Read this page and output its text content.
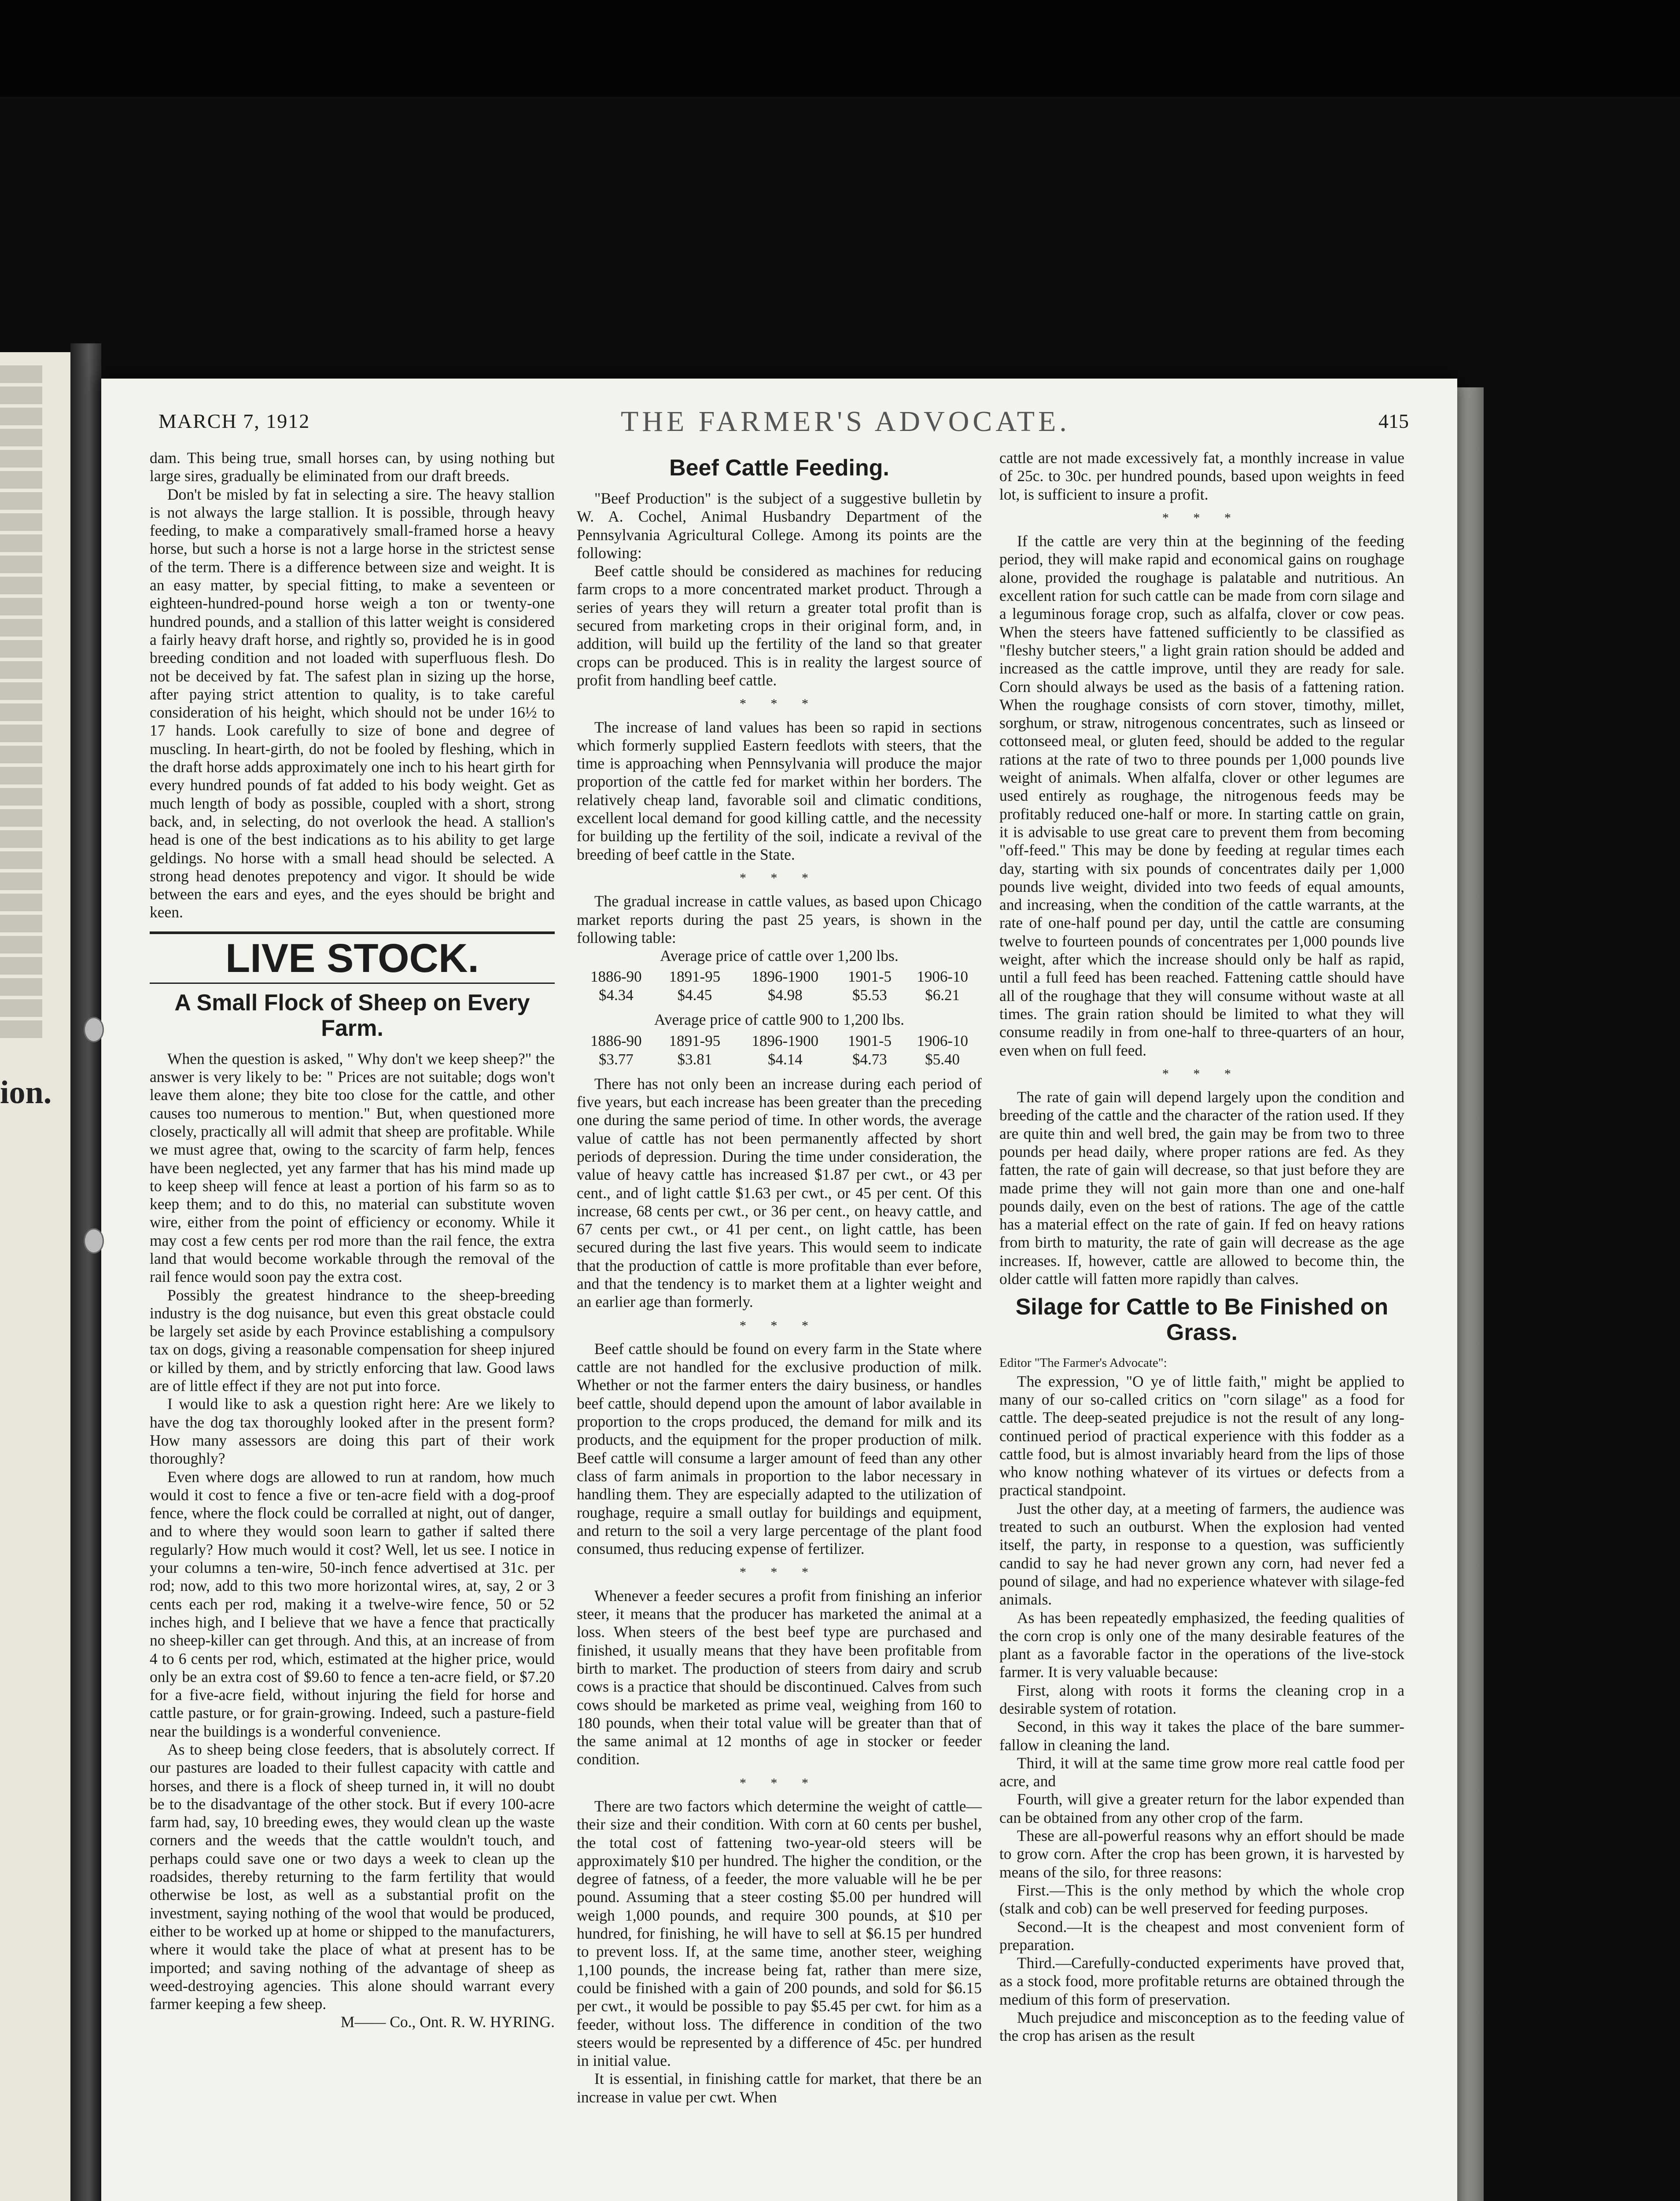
ion.
MARCH 7, 1912	THE FARMER'S ADVOCATE.	415

dam. This being true, small horses can, by using nothing but large sires, gradually be eliminated from our draft breeds.

Don't be misled by fat in selecting a sire. The heavy stallion is not always the large stallion. It is possible, through heavy feeding, to make a comparatively small-framed horse a heavy horse, but such a horse is not a large horse in the strictest sense of the term. There is a difference between size and weight. It is an easy matter, by special fitting, to make a seventeen or eighteen-hundred-pound horse weigh a ton or twenty-one hundred pounds, and a stallion of this latter weight is considered a fairly heavy draft horse, and rightly so, provided he is in good breeding condition and not loaded with superfluous flesh. Do not be deceived by fat. The safest plan in sizing up the horse, after paying strict attention to quality, is to take careful consideration of his height, which should not be under 16½ to 17 hands. Look carefully to size of bone and degree of muscling. In heart-girth, do not be fooled by fleshing, which in the draft horse adds approximately one inch to his heart girth for every hundred pounds of fat added to his body weight. Get as much length of body as possible, coupled with a short, strong back, and, in selecting, do not overlook the head. A stallion's head is one of the best indications as to his ability to get large geldings. No horse with a small head should be selected. A strong head denotes prepotency and vigor. It should be wide between the ears and eyes, and the eyes should be bright and keen.

LIVE STOCK.
A Small Flock of Sheep on Every Farm.

When the question is asked, " Why don't we keep sheep?" the answer is very likely to be: " Prices are not suitable; dogs won't leave them alone; they bite too close for the cattle, and other causes too numerous to mention." But, when questioned more closely, practically all will admit that sheep are profitable. While we must agree that, owing to the scarcity of farm help, fences have been neglected, yet any farmer that has his mind made up to keep sheep will fence at least a portion of his farm so as to keep them; and to do this, no material can substitute woven wire, either from the point of efficiency or economy. While it may cost a few cents per rod more than the rail fence, the extra land that would become workable through the removal of the rail fence would soon pay the extra cost.

Possibly the greatest hindrance to the sheep-breeding industry is the dog nuisance, but even this great obstacle could be largely set aside by each Province establishing a compulsory tax on dogs, giving a reasonable compensation for sheep injured or killed by them, and by strictly enforcing that law. Good laws are of little effect if they are not put into force.

I would like to ask a question right here: Are we likely to have the dog tax thoroughly looked after in the present form? How many assessors are doing this part of their work thoroughly?

Even where dogs are allowed to run at random, how much would it cost to fence a five or ten-acre field with a dog-proof fence, where the flock could be corralled at night, out of danger, and to where they would soon learn to gather if salted there regularly? How much would it cost? Well, let us see. I notice in your columns a ten-wire, 50-inch fence advertised at 31c. per rod; now, add to this two more horizontal wires, at, say, 2 or 3 cents each per rod, making it a twelve-wire fence, 50 or 52 inches high, and I believe that we have a fence that practically no sheep-killer can get through. And this, at an increase of from 4 to 6 cents per rod, which, estimated at the higher price, would only be an extra cost of $9.60 to fence a ten-acre field, or $7.20 for a five-acre field, without injuring the field for horse and cattle pasture, or for grain-growing. Indeed, such a pasture-field near the buildings is a wonderful convenience.

As to sheep being close feeders, that is absolutely correct. If our pastures are loaded to their fullest capacity with cattle and horses, and there is a flock of sheep turned in, it will no doubt be to the disadvantage of the other stock. But if every 100-acre farm had, say, 10 breeding ewes, they would clean up the waste corners and the weeds that the cattle wouldn't touch, and perhaps could save one or two days a week to clean up the roadsides, thereby returning to the farm fertility that would otherwise be lost, as well as a substantial profit on the investment, saying nothing of the wool that would be produced, either to be worked up at home or shipped to the manufacturers, where it would take the place of what at present has to be imported; and saving nothing of the advantage of sheep as weed-destroying agencies. This alone should warrant every farmer keeping a few sheep.

M—— Co., Ont. R. W. HYRING.

Beef Cattle Feeding.

"Beef Production" is the subject of a suggestive bulletin by W. A. Cochel, Animal Husbandry Department of the Pennsylvania Agricultural College. Among its points are the following:

Beef cattle should be considered as machines for reducing farm crops to a more concentrated market product. Through a series of years they will return a greater total profit than is secured from marketing crops in their original form, and, in addition, will build up the fertility of the land so that greater crops can be produced. This is in reality the largest source of profit from handling beef cattle.

* * *

The increase of land values has been so rapid in sections which formerly supplied Eastern feedlots with steers, that the time is approaching when Pennsylvania will produce the major proportion of the cattle fed for market within her borders. The relatively cheap land, favorable soil and climatic conditions, excellent local demand for good killing cattle, and the necessity for building up the fertility of the soil, indicate a revival of the breeding of beef cattle in the State.

* * *

The gradual increase in cattle values, as based upon Chicago market reports during the past 25 years, is shown in the following table:

Average price of cattle over 1,200 lbs.

1886-90	1891-95	1896-1900	1901-5	1906-10
$4.34	$4.45	$4.98	$5.53	$6.21

Average price of cattle 900 to 1,200 lbs.

1886-90	1891-95	1896-1900	1901-5	1906-10
$3.77	$3.81	$4.14	$4.73	$5.40

There has not only been an increase during each period of five years, but each increase has been greater than the preceding one during the same period of time. In other words, the average value of cattle has not been permanently affected by short periods of depression. During the time under consideration, the value of heavy cattle has increased $1.87 per cwt., or 43 per cent., and of light cattle $1.63 per cwt., or 45 per cent. Of this increase, 68 cents per cwt., or 36 per cent., on heavy cattle, and 67 cents per cwt., or 41 per cent., on light cattle, has been secured during the last five years. This would seem to indicate that the production of cattle is more profitable than ever before, and that the tendency is to market them at a lighter weight and an earlier age than formerly.

* * *

Beef cattle should be found on every farm in the State where cattle are not handled for the exclusive production of milk. Whether or not the farmer enters the dairy business, or handles beef cattle, should depend upon the amount of labor available in proportion to the crops produced, the demand for milk and its products, and the equipment for the proper production of milk. Beef cattle will consume a larger amount of feed than any other class of farm animals in proportion to the labor necessary in handling them. They are especially adapted to the utilization of roughage, require a small outlay for buildings and equipment, and return to the soil a very large percentage of the plant food consumed, thus reducing expense of fertilizer.

* * *

Whenever a feeder secures a profit from finishing an inferior steer, it means that the producer has marketed the animal at a loss. When steers of the best beef type are purchased and finished, it usually means that they have been profitable from birth to market. The production of steers from dairy and scrub cows is a practice that should be discontinued. Calves from such cows should be marketed as prime veal, weighing from 160 to 180 pounds, when their total value will be greater than that of the same animal at 12 months of age in stocker or feeder condition.

* * *

There are two factors which determine the weight of cattle—their size and their condition. With corn at 60 cents per bushel, the total cost of fattening two-year-old steers will be approximately $10 per hundred. The higher the condition, or the degree of fatness, of a feeder, the more valuable will he be per pound. Assuming that a steer costing $5.00 per hundred will weigh 1,000 pounds, and require 300 pounds, at $10 per hundred, for finishing, he will have to sell at $6.15 per hundred to prevent loss. If, at the same time, another steer, weighing 1,100 pounds, the increase being fat, rather than mere size, could be finished with a gain of 200 pounds, and sold for $6.15 per cwt., it would be possible to pay $5.45 per cwt. for him as a feeder, without loss. The difference in condition of the two steers would be represented by a difference of 45c. per hundred in initial value.

It is essential, in finishing cattle for market, that there be an increase in value per cwt. When

cattle are not made excessively fat, a monthly increase in value of 25c. to 30c. per hundred pounds, based upon weights in feed lot, is sufficient to insure a profit.

* * *

If the cattle are very thin at the beginning of the feeding period, they will make rapid and economical gains on roughage alone, provided the roughage is palatable and nutritious. An excellent ration for such cattle can be made from corn silage and a leguminous forage crop, such as alfalfa, clover or cow peas. When the steers have fattened sufficiently to be classified as "fleshy butcher steers," a light grain ration should be added and increased as the cattle improve, until they are ready for sale. Corn should always be used as the basis of a fattening ration. When the roughage consists of corn stover, timothy, millet, sorghum, or straw, nitrogenous concentrates, such as linseed or cottonseed meal, or gluten feed, should be added to the regular rations at the rate of two to three pounds per 1,000 pounds live weight of animals. When alfalfa, clover or other legumes are used entirely as roughage, the nitrogenous feeds may be profitably reduced one-half or more. In starting cattle on grain, it is advisable to use great care to prevent them from becoming "off-feed." This may be done by feeding at regular times each day, starting with six pounds of concentrates daily per 1,000 pounds live weight, divided into two feeds of equal amounts, and increasing, when the condition of the cattle warrants, at the rate of one-half pound per day, until the cattle are consuming twelve to fourteen pounds of concentrates per 1,000 pounds live weight, after which the increase should only be half as rapid, until a full feed has been reached. Fattening cattle should have all of the roughage that they will consume without waste at all times. The grain ration should be limited to what they will consume readily in from one-half to three-quarters of an hour, even when on full feed.

* * *

The rate of gain will depend largely upon the condition and breeding of the cattle and the character of the ration used. If they are quite thin and well bred, the gain may be from two to three pounds per head daily, where proper rations are fed. As they fatten, the rate of gain will decrease, so that just before they are made prime they will not gain more than one and one-half pounds daily, even on the best of rations. The age of the cattle has a material effect on the rate of gain. If fed on heavy rations from birth to maturity, the rate of gain will decrease as the age increases. If, however, cattle are allowed to become thin, the older cattle will fatten more rapidly than calves.

Silage for Cattle to Be Finished on Grass.

Editor "The Farmer's Advocate":

The expression, "O ye of little faith," might be applied to many of our so-called critics on "corn silage" as a food for cattle. The deep-seated prejudice is not the result of any long-continued period of practical experience with this fodder as a cattle food, but is almost invariably heard from the lips of those who know nothing whatever of its virtues or defects from a practical standpoint.

Just the other day, at a meeting of farmers, the audience was treated to such an outburst. When the explosion had vented itself, the party, in response to a question, was sufficiently candid to say he had never grown any corn, had never fed a pound of silage, and had no experience whatever with silage-fed animals.

As has been repeatedly emphasized, the feeding qualities of the corn crop is only one of the many desirable features of the plant as a favorable factor in the operations of the live-stock farmer. It is very valuable because:

First, along with roots it forms the cleaning crop in a desirable system of rotation.

Second, in this way it takes the place of the bare summer-fallow in cleaning the land.

Third, it will at the same time grow more real cattle food per acre, and

Fourth, will give a greater return for the labor expended than can be obtained from any other crop of the farm.

These are all-powerful reasons why an effort should be made to grow corn. After the crop has been grown, it is harvested by means of the silo, for three reasons:

First.—This is the only method by which the whole crop (stalk and cob) can be well preserved for feeding purposes.

Second.—It is the cheapest and most convenient form of preparation.

Third.—Carefully-conducted experiments have proved that, as a stock food, more profitable returns are obtained through the medium of this form of preservation.

Much prejudice and misconception as to the feeding value of the crop has arisen as the result
